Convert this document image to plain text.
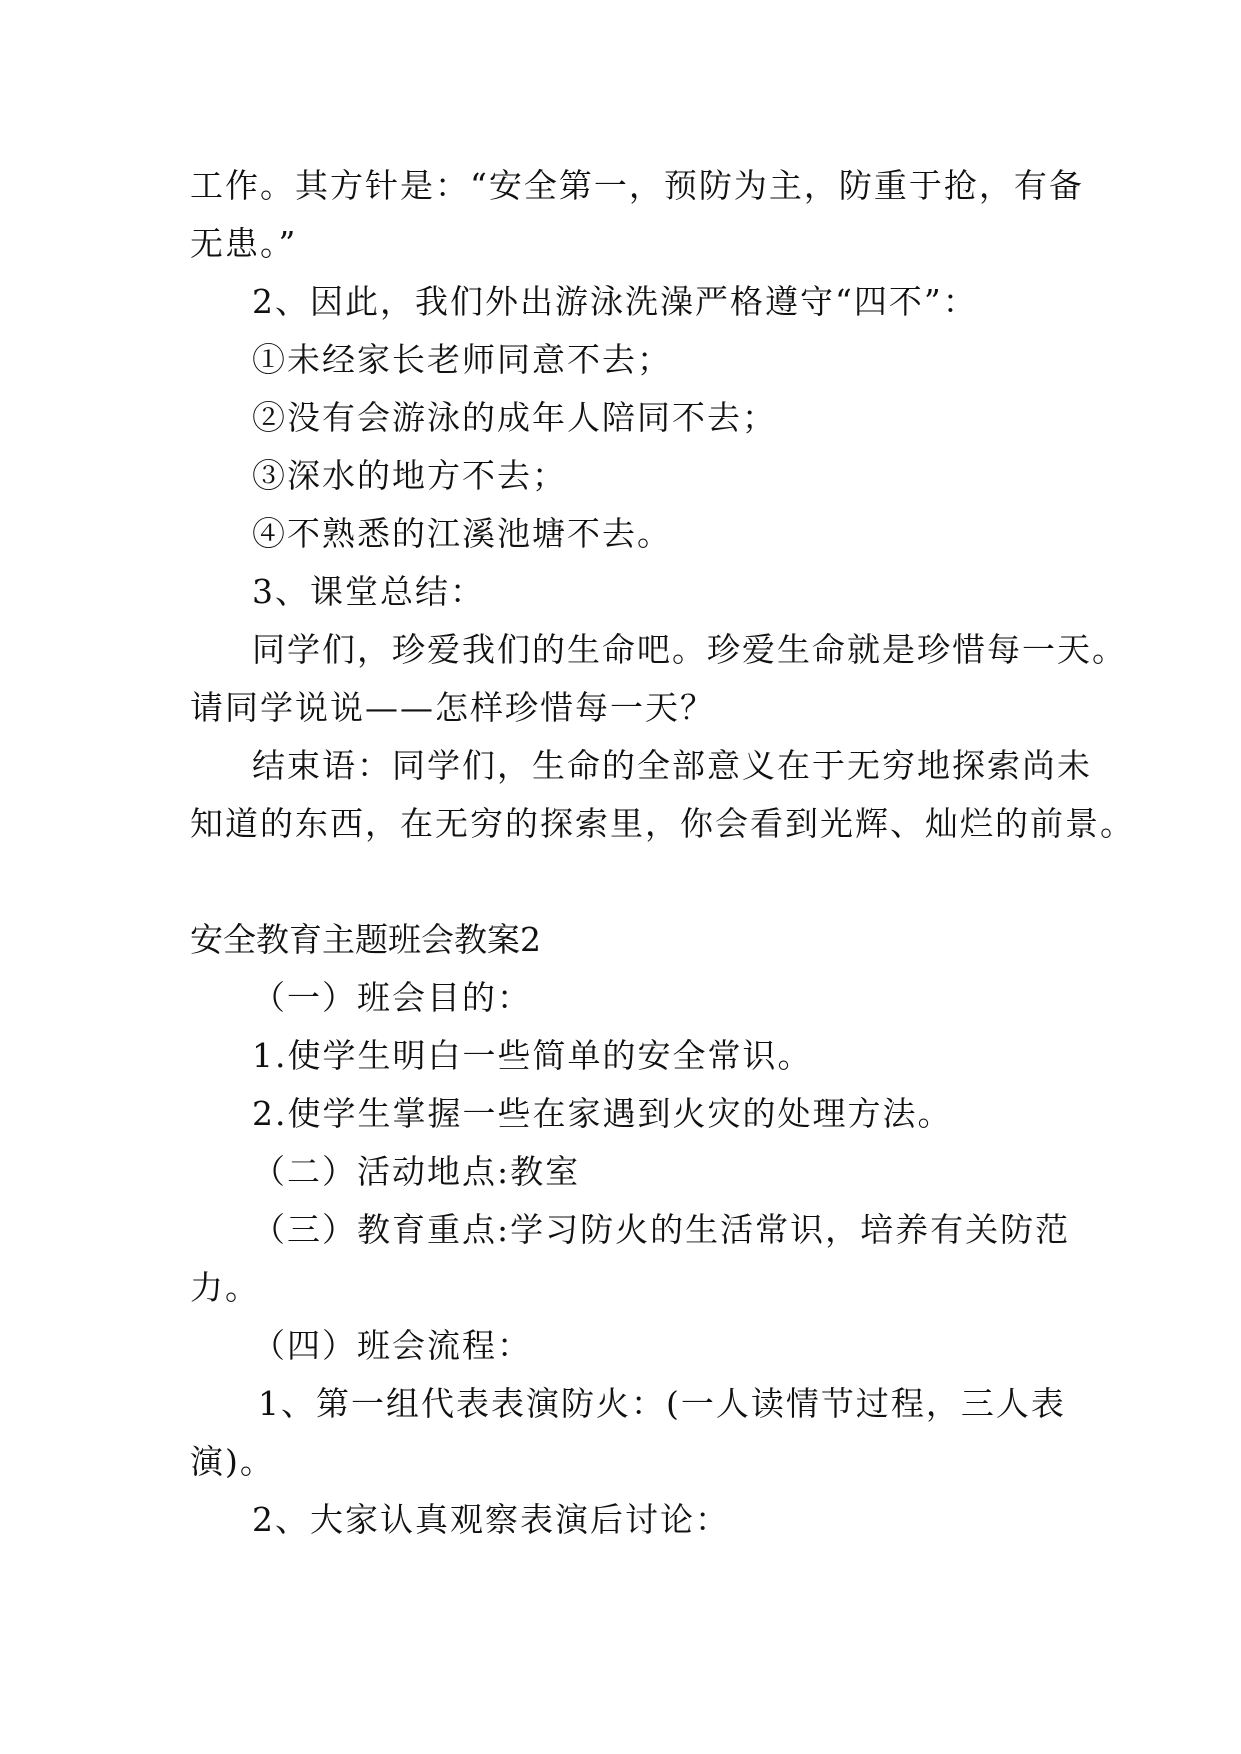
工作。其方针是：“安全第一，预防为主，防重于抢，有备
无患。”
2、因此，我们外出游泳洗澡严格遵守“四不”：
①未经家长老师同意不去；
②没有会游泳的成年人陪同不去；
③深水的地方不去；
④不熟悉的江溪池塘不去。
3、课堂总结：
同学们，珍爱我们的生命吧。珍爱生命就是珍惜每一天。
请同学说说——怎样珍惜每一天？
结束语：同学们，生命的全部意义在于无穷地探索尚未
知道的东西，在无穷的探索里，你会看到光辉、灿烂的前景。
安全教育主题班会教案2
（一）班会目的：
1.使学生明白一些简单的安全常识。
2.使学生掌握一些在家遇到火灾的处理方法。
（二）活动地点:教室
（三）教育重点:学习防火的生活常识，培养有关防范
力。
（四）班会流程：
1、第一组代表表演防火：(一人读情节过程，三人表
演)。
2、大家认真观察表演后讨论：
